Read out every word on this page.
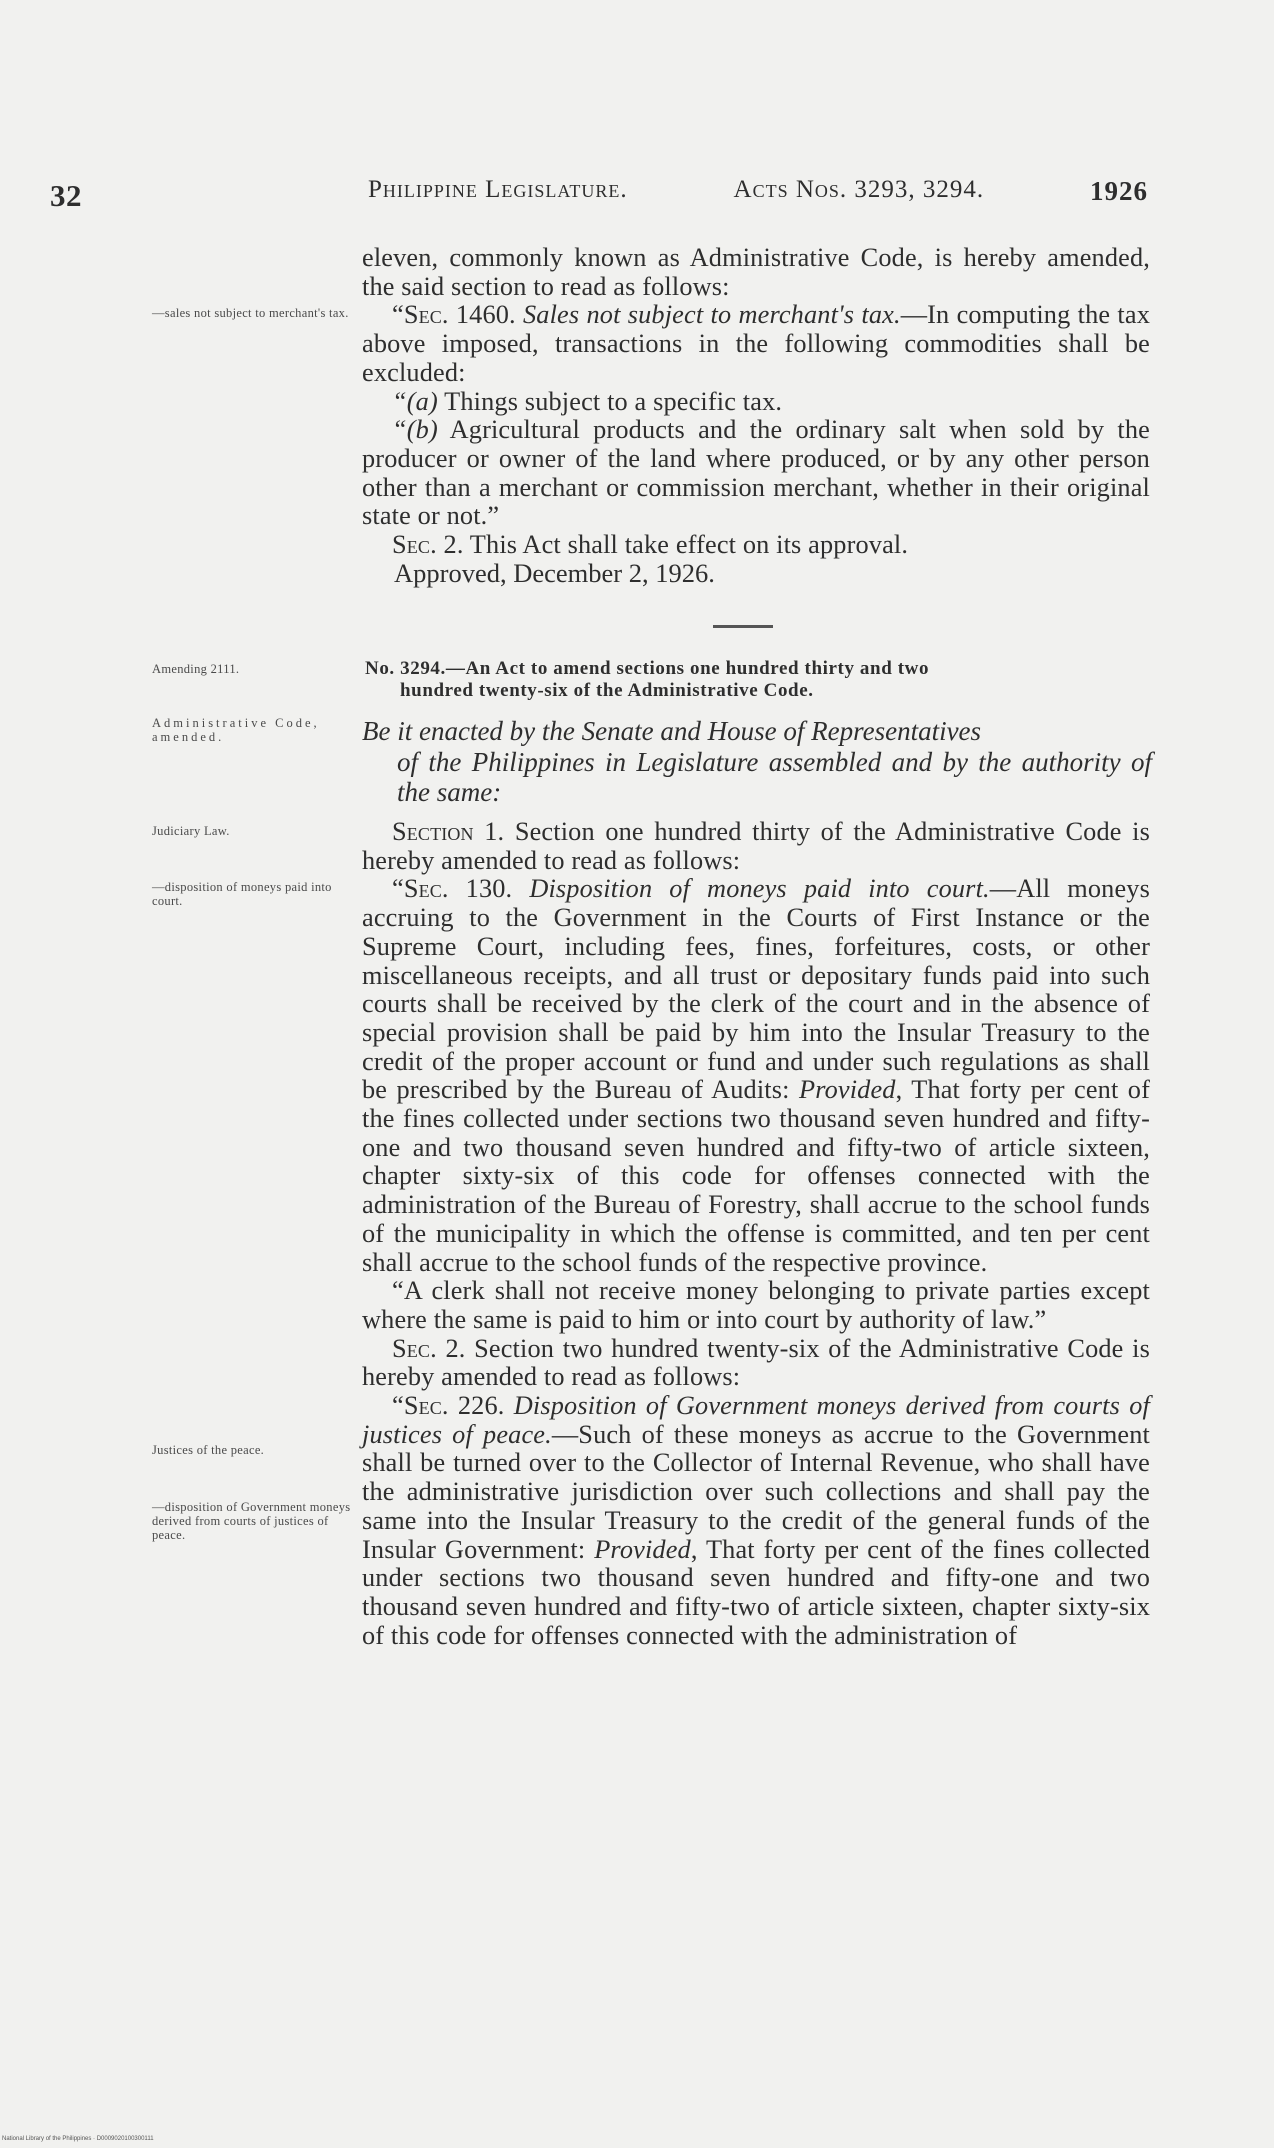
32	Philippine Legislature.	Acts Nos. 3293, 3294.	1926
—sales not subject to merchant's tax.
Amending 2111.
Administrative Code, amended.
Judiciary Law.
—disposition of moneys paid into court.
Justices of the peace.
—disposition of Government moneys derived from courts of justices of peace.

eleven, commonly known as Administrative Code, is hereby amended, the said section to read as follows:

“Sec. 1460. Sales not subject to merchant's tax.—In computing the tax above imposed, transactions in the following commodities shall be excluded:

“(a) Things subject to a specific tax.

“(b) Agricultural products and the ordinary salt when sold by the producer or owner of the land where produced, or by any other person other than a merchant or commission merchant, whether in their original state or not.”

Sec. 2. This Act shall take effect on its approval.

Approved, December 2, 1926.
No. 3294.—An Act to amend sections one hundred thirty and two
hundred twenty-six of the Administrative Code.
Be it enacted by the Senate and House of Representatives
of the Philippines in Legislature assembled and by the authority of the same:

Section 1. Section one hundred thirty of the Administrative Code is hereby amended to read as follows:

“Sec. 130. Disposition of moneys paid into court.—All moneys accruing to the Government in the Courts of First Instance or the Supreme Court, including fees, fines, forfeitures, costs, or other miscellaneous receipts, and all trust or depositary funds paid into such courts shall be received by the clerk of the court and in the absence of special provision shall be paid by him into the Insular Treasury to the credit of the proper account or fund and under such regulations as shall be prescribed by the Bureau of Audits: Provided, That forty per cent of the fines collected under sections two thousand seven hundred and fifty-one and two thousand seven hundred and fifty-two of article sixteen, chapter sixty-six of this code for offenses connected with the administration of the Bureau of Forestry, shall accrue to the school funds of the municipality in which the offense is committed, and ten per cent shall accrue to the school funds of the respective province.

“A clerk shall not receive money belonging to private parties except where the same is paid to him or into court by authority of law.”

Sec. 2. Section two hundred twenty-six of the Administrative Code is hereby amended to read as follows:

“Sec. 226. Disposition of Government moneys derived from courts of justices of peace.—Such of these moneys as accrue to the Government shall be turned over to the Collector of Internal Revenue, who shall have the administrative jurisdiction over such collections and shall pay the same into the Insular Treasury to the credit of the general funds of the Insular Government: Provided, That forty per cent of the fines collected under sections two thousand seven hundred and fifty-one and two thousand seven hundred and fifty-two of article sixteen, chapter sixty-six of this code for offenses connected with the administration of

National Library of the Philippines · D0009020100300111
